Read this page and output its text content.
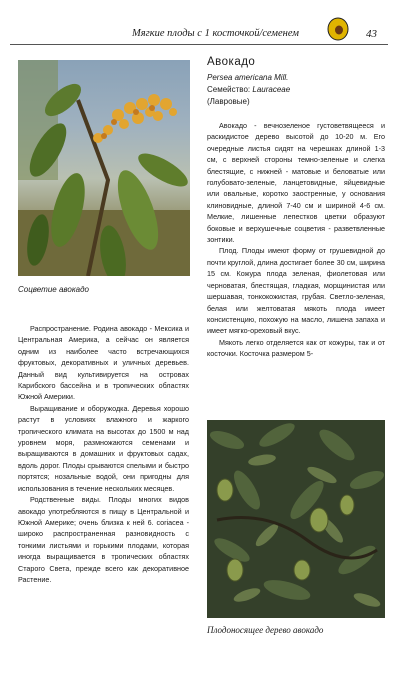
Мягкие плоды с 1 косточкой/семенем	43
Соцветие авокадо
Авокадо
Persea americana Mill.
Семейство: Lauraceae
(Лавровые)

Авокадо - вечнозеленое густоветвящееся и раскидистое дерево высотой до 10-20 м. Его очередные листья сидят на черешках длиной 1-3 см, с верхней стороны темно-зеленые и слегка блестящие, с нижней - матовые и беловатые или голубовато-зеленые, ланцетовидные, яйцевидные или овальные, коротко заостренные, у основания клиновидные, длиной 7-40 см и шириной 4-6 см. Мелкие, лишенные лепестков цветки образуют боковые и верхушечные соцветия - разветвленные зонтики.

Плод. Плоды имеют форму от грушевидной до почти круглой, длина достигает более 30 см, ширина 15 см. Кожура плода зеленая, фиолетовая или черноватая, блестящая, гладкая, морщинистая или шершавая, тонкокожистая, грубая. Светло-зеленая, белая или желтоватая мякоть плода имеет консистенцию, похожую на масло, лишена запаха и имеет мягко-ореховый вкус.

Мякоть легко отделяется как от кожуры, так и от косточки. Косточка размером 5-

Распространение. Родина авокадо - Мексика и Центральная Америка, а сейчас он является одним из наиболее часто встречающихся фруктовых, декоративных и уличных деревьев. Данный вид культивируется на островах Карибского бассейна и в тропических областях Южной Америки.

Выращивание и оборужодка. Деревья хорошо растут в условиях влажного и жаркого тропического климата на высотах до 1500 м над уровнем моря, размножаются семенами и выращиваются в домашних и фруктовых садах, вдоль дорог. Плоды срываются спелыми и быстро портятся; нозальные водой, они пригодны для использования в течение нескольких месяцев.

Родственные виды. Плоды многих видов авокадо употребляются в пищу в Центральной и Южной Америке; очень близка к ней 6. coriacea - широко распространенная разновидность с тонкими листьями и горькими плодами, которая иногда выращивается в тропических областях Старого Света, прежде всего как декоративное Растение.

Плодоносящее дерево авокадо
